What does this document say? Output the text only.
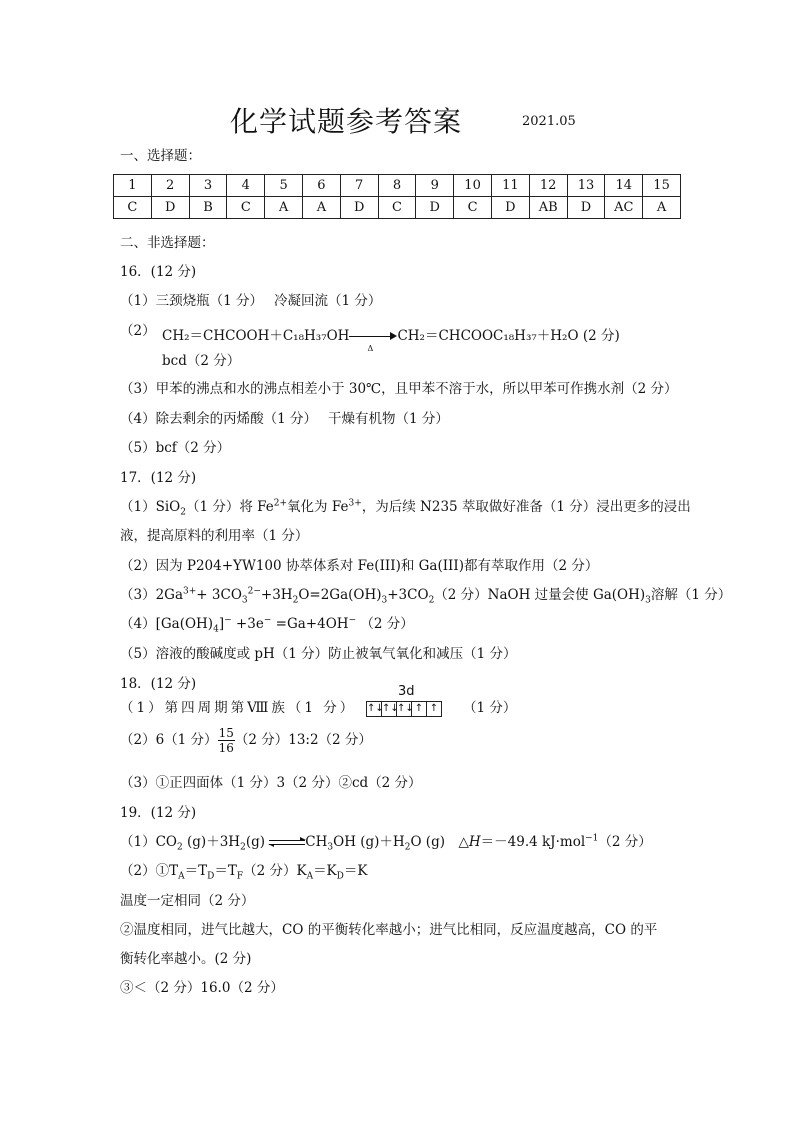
化学试题参考答案	2021.05
一、选择题：
1	2	3	4	5	6	7	8	9	10	11	12	13	14	15
C	D	B	C	A	A	D	C	D	C	D	AB	D	AC	A
二、非选择题：
16．(12 分)
（1）三颈烧瓶（1 分）　 冷凝回流（1 分）
（2） CH₂＝CHCOOH＋C₁₈H₃₇OH
Δ
CH₂＝CHCOOC₁₈H₃₇＋H₂O (2 分)
bcd（2 分）
（3）甲苯的沸点和水的沸点相差小于 30℃，且甲苯不溶于水，所以甲苯可作携水剂（2 分）
（4）除去剩余的丙烯酸（1 分）　 干燥有机物（1 分）
（5）bcf（2 分）
17．(12 分)
（1）SiO$_2$（1 分）将 $Fe^{2+}$氧化为 $Fe^{3+}$，为后续 N235 萃取做好准备（1 分）浸出更多的浸出
液，提高原料的利用率（1 分）
（2）因为 P204+YW100 协萃体系对 Fe(III)和 Ga(III)都有萃取作用（2 分）
$(3)2Ga^{3+}+ 3CO_3^{2-}+3H_2O=2Ga(OH)_3+3CO_2(2$ 分）NaOH 过量会使 $Ga(OH)_3$溶解（1 分）
$(4)[Ga(OH)_4]^- +3e^- =Ga+4OH^-$ （2 分）
（5）溶液的酸碱度或 pH（1 分）防止被氧气氧化和减压（1 分）
18．(12 分)
（1）第四周期第Ⅷ族（1 分）
3d
↑↓
↑↓
↑↓ ↑ ↑ （1 分）
（2）6（1 分） $\frac{15}{16} (2$ 分）13:2（2 分）
（3）①正四面体（1 分）3（2 分）②cd（2 分）
19．(12 分)
$(1)CO_2$ $(g)+3H_2(g)$	$CH_3OH$ $(g)+H_2O$ (g)　△H＝－49.4 kJ·mol$^{-1}$（2 分）
$(2)①T_A=T_D=T_F(2$ 分）$K_A=K_D=K$
温度一定相同（2 分）
②温度相同，进气比越大，CO 的平衡转化率越小；进气比相同，反应温度越高，CO 的平
衡转化率越小。(2 分)
③＜（2 分）16.0（2 分）
